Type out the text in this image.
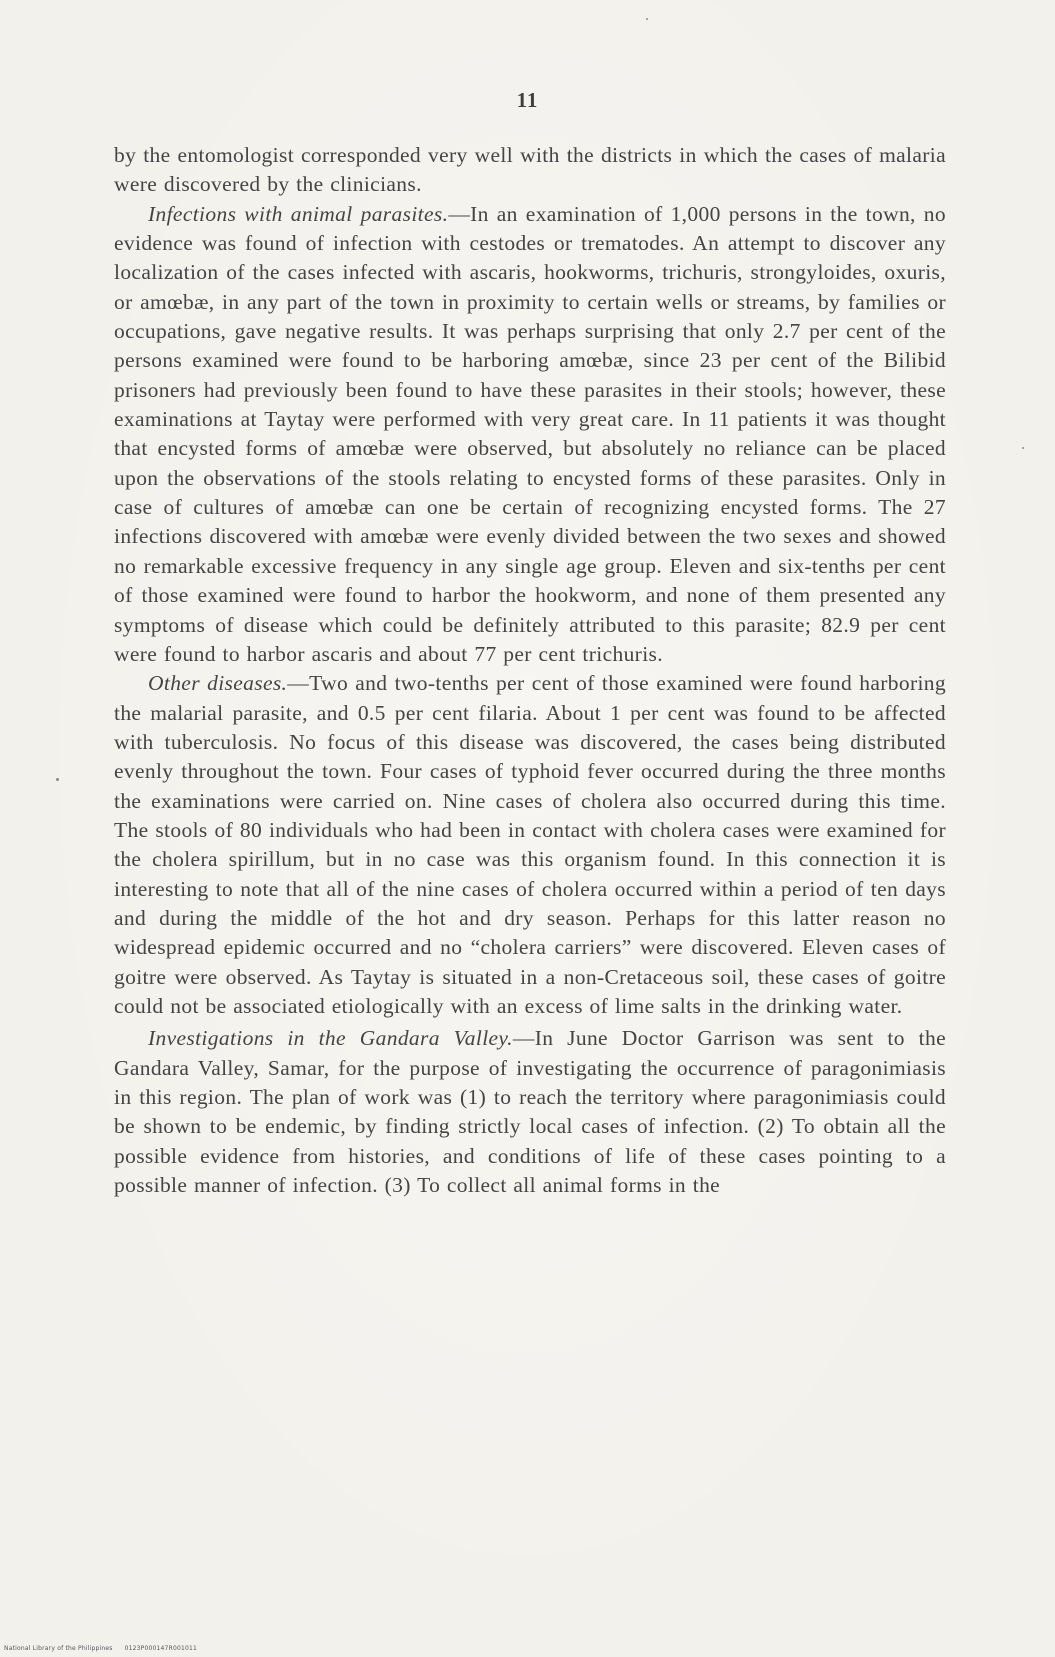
11

by the entomologist corresponded very well with the districts in which the cases of malaria were discovered by the clinicians.

Infections with animal parasites.—In an examination of 1,000 persons in the town, no evidence was found of infection with cestodes or trematodes. An attempt to discover any localization of the cases infected with ascaris, hookworms, trichuris, strongyloides, oxuris, or amœbæ, in any part of the town in proximity to certain wells or streams, by families or occupations, gave negative results. It was perhaps surprising that only 2.7 per cent of the persons examined were found to be harboring amœbæ, since 23 per cent of the Bilibid prisoners had previously been found to have these parasites in their stools; however, these examinations at Taytay were performed with very great care. In 11 patients it was thought that encysted forms of amœbæ were observed, but absolutely no reliance can be placed upon the observations of the stools relating to encysted forms of these parasites. Only in case of cultures of amœbæ can one be certain of recognizing encysted forms. The 27 infections discovered with amœbæ were evenly divided between the two sexes and showed no remarkable excessive frequency in any single age group. Eleven and six-tenths per cent of those examined were found to harbor the hookworm, and none of them presented any symptoms of disease which could be definitely attributed to this parasite; 82.9 per cent were found to harbor ascaris and about 77 per cent trichuris.

Other diseases.—Two and two-tenths per cent of those examined were found harboring the malarial parasite, and 0.5 per cent filaria. About 1 per cent was found to be affected with tuberculosis. No focus of this disease was discovered, the cases being distributed evenly throughout the town. Four cases of typhoid fever occurred during the three months the examinations were carried on. Nine cases of cholera also occurred during this time. The stools of 80 individuals who had been in contact with cholera cases were examined for the cholera spirillum, but in no case was this organism found. In this connection it is interesting to note that all of the nine cases of cholera occurred within a period of ten days and during the middle of the hot and dry season. Perhaps for this latter reason no widespread epidemic occurred and no “cholera carriers” were discovered. Eleven cases of goitre were observed. As Taytay is situated in a non-Cretaceous soil, these cases of goitre could not be associated etiologically with an excess of lime salts in the drinking water.

Investigations in the Gandara Valley.—In June Doctor Garrison was sent to the Gandara Valley, Samar, for the purpose of investigating the occurrence of paragonimiasis in this region. The plan of work was (1) to reach the territory where paragonimiasis could be shown to be endemic, by finding strictly local cases of infection. (2) To obtain all the possible evidence from histories, and conditions of life of these cases pointing to a possible manner of infection. (3) To collect all animal forms in the

National Library of the Philippines 0123P000147R001011
